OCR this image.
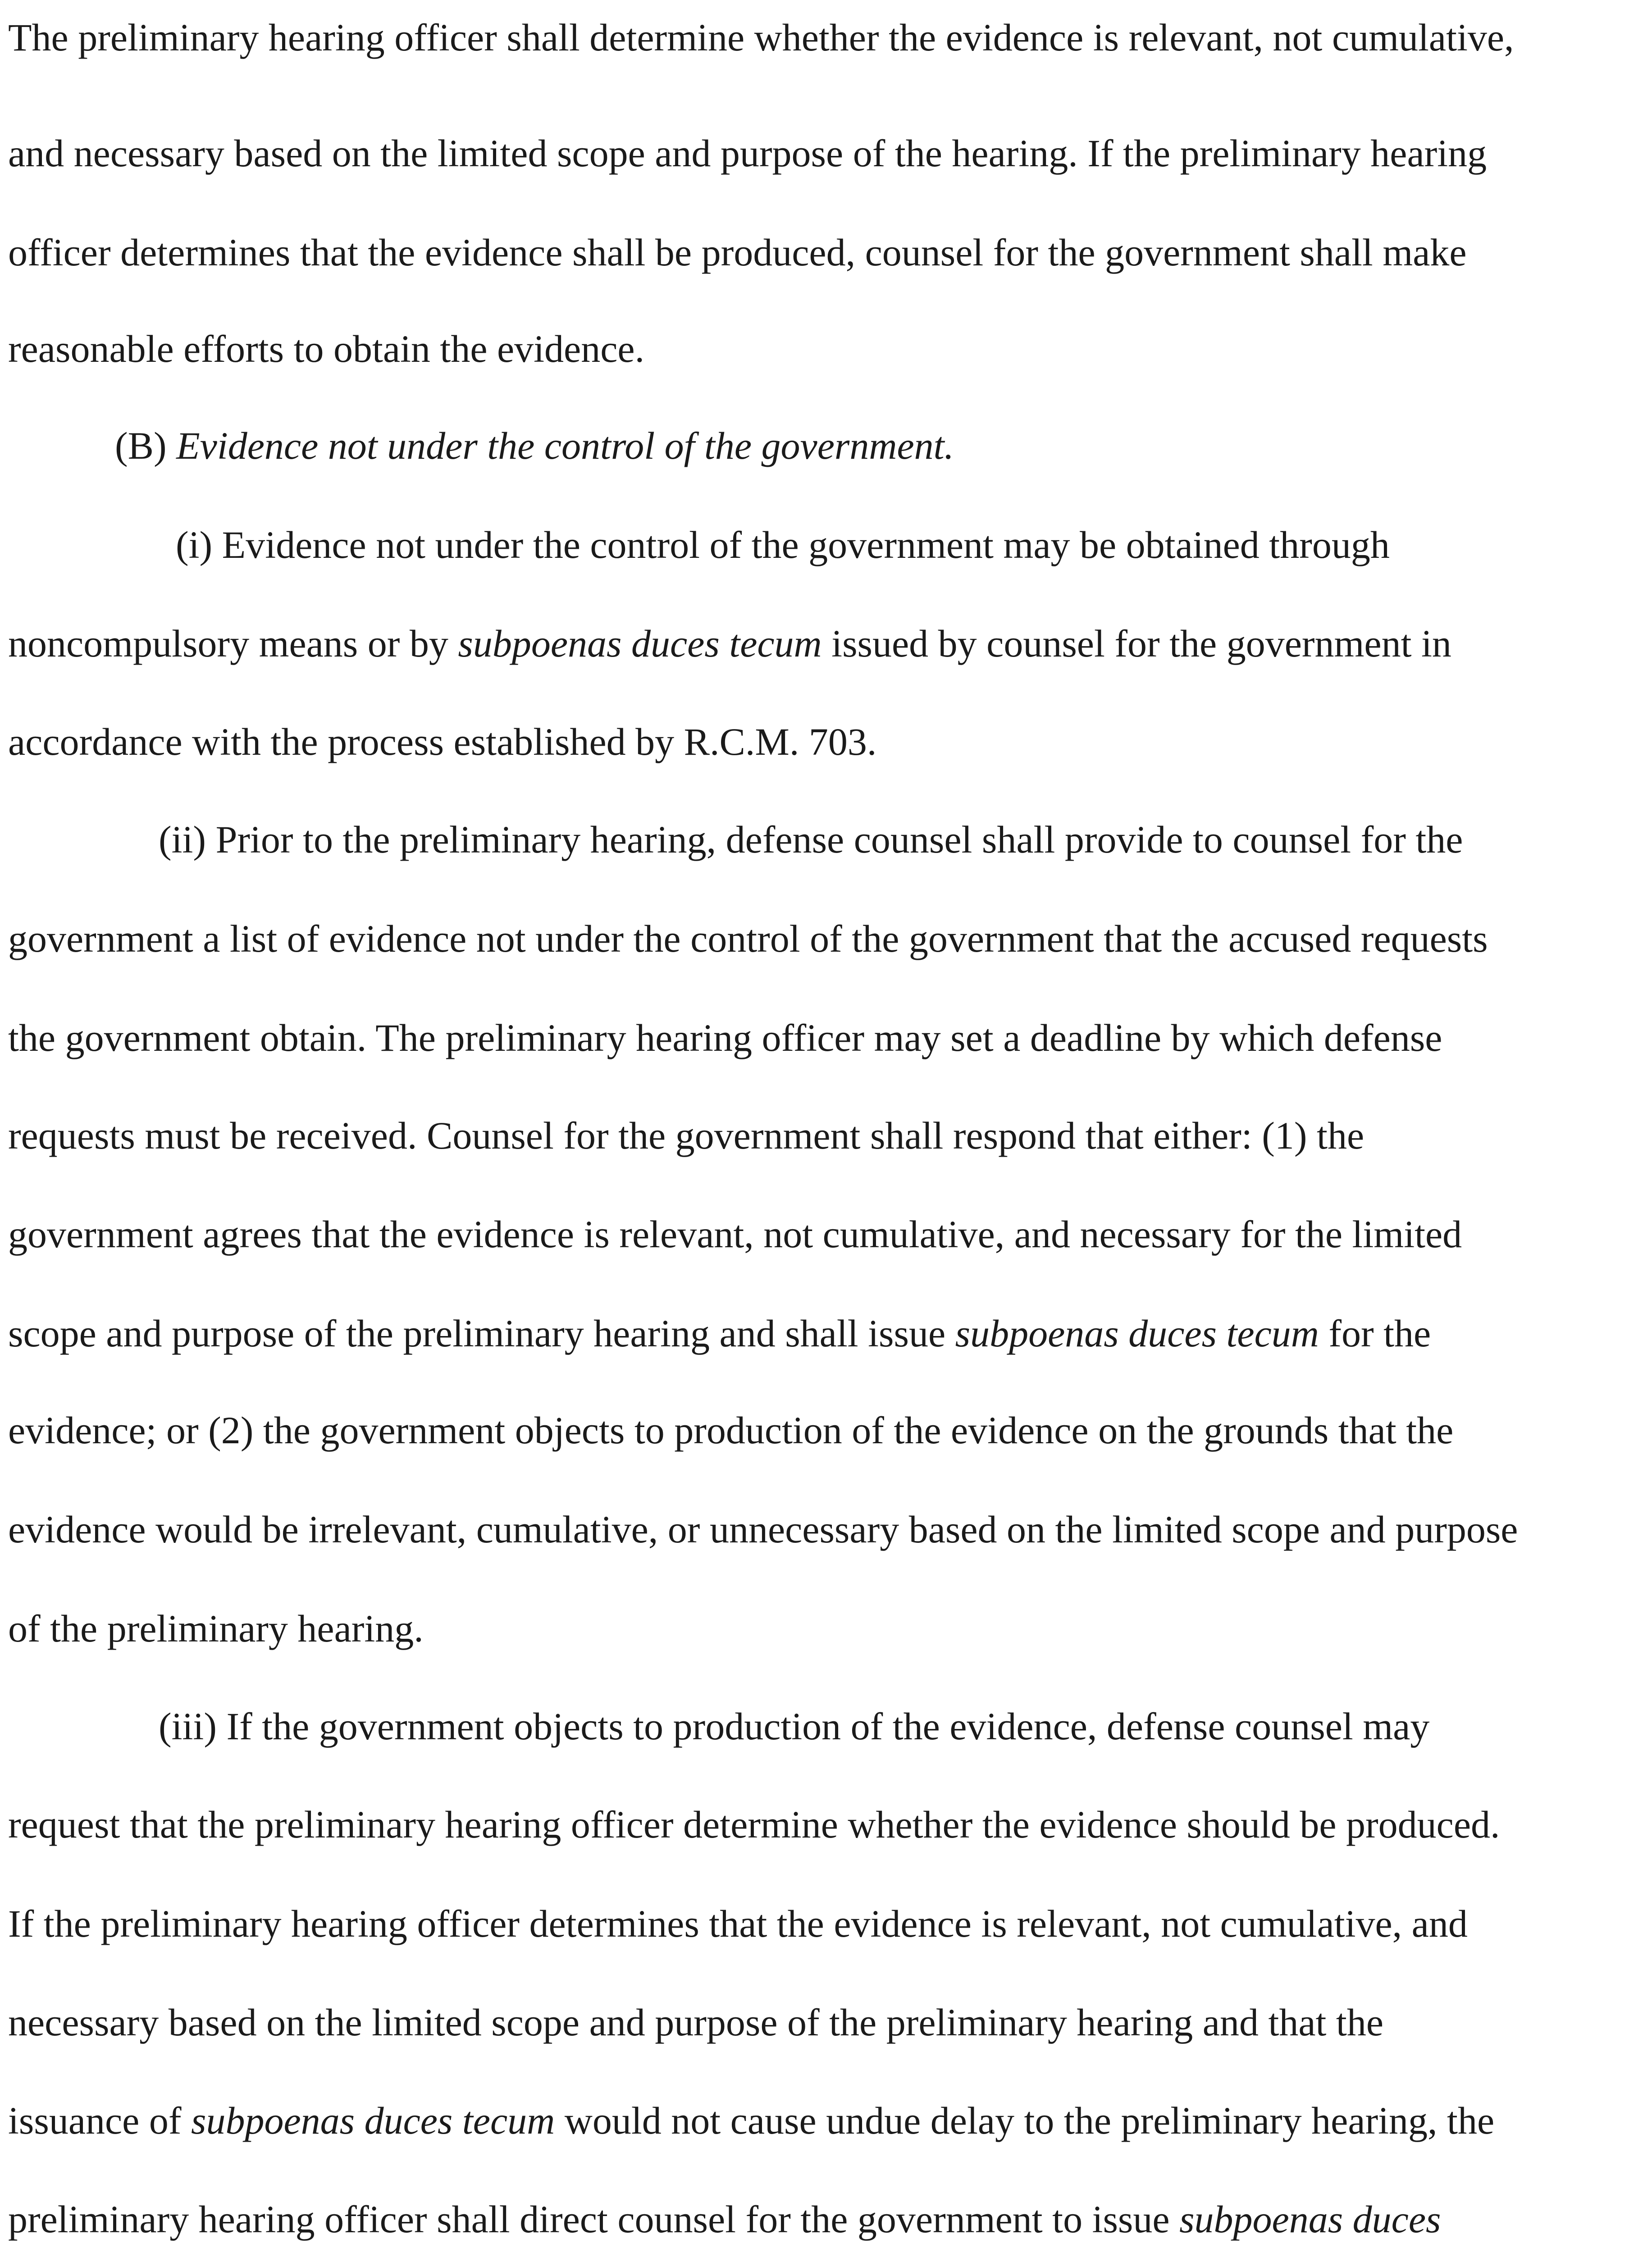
The preliminary hearing officer shall determine whether the evidence is relevant, not cumulative,
and necessary based on the limited scope and purpose of the hearing. If the preliminary hearing
officer determines that the evidence shall be produced, counsel for the government shall make
reasonable efforts to obtain the evidence.
(B) Evidence not under the control of the government.
(i) Evidence not under the control of the government may be obtained through
noncompulsory means or by subpoenas duces tecum issued by counsel for the government in
accordance with the process established by R.C.M. 703.
(ii) Prior to the preliminary hearing, defense counsel shall provide to counsel for the
government a list of evidence not under the control of the government that the accused requests
the government obtain. The preliminary hearing officer may set a deadline by which defense
requests must be received. Counsel for the government shall respond that either: (1) the
government agrees that the evidence is relevant, not cumulative, and necessary for the limited
scope and purpose of the preliminary hearing and shall issue subpoenas duces tecum for the
evidence; or (2) the government objects to production of the evidence on the grounds that the
evidence would be irrelevant, cumulative, or unnecessary based on the limited scope and purpose
of the preliminary hearing.
(iii) If the government objects to production of the evidence, defense counsel may
request that the preliminary hearing officer determine whether the evidence should be produced.
If the preliminary hearing officer determines that the evidence is relevant, not cumulative, and
necessary based on the limited scope and purpose of the preliminary hearing and that the
issuance of subpoenas duces tecum would not cause undue delay to the preliminary hearing, the
preliminary hearing officer shall direct counsel for the government to issue subpoenas duces
